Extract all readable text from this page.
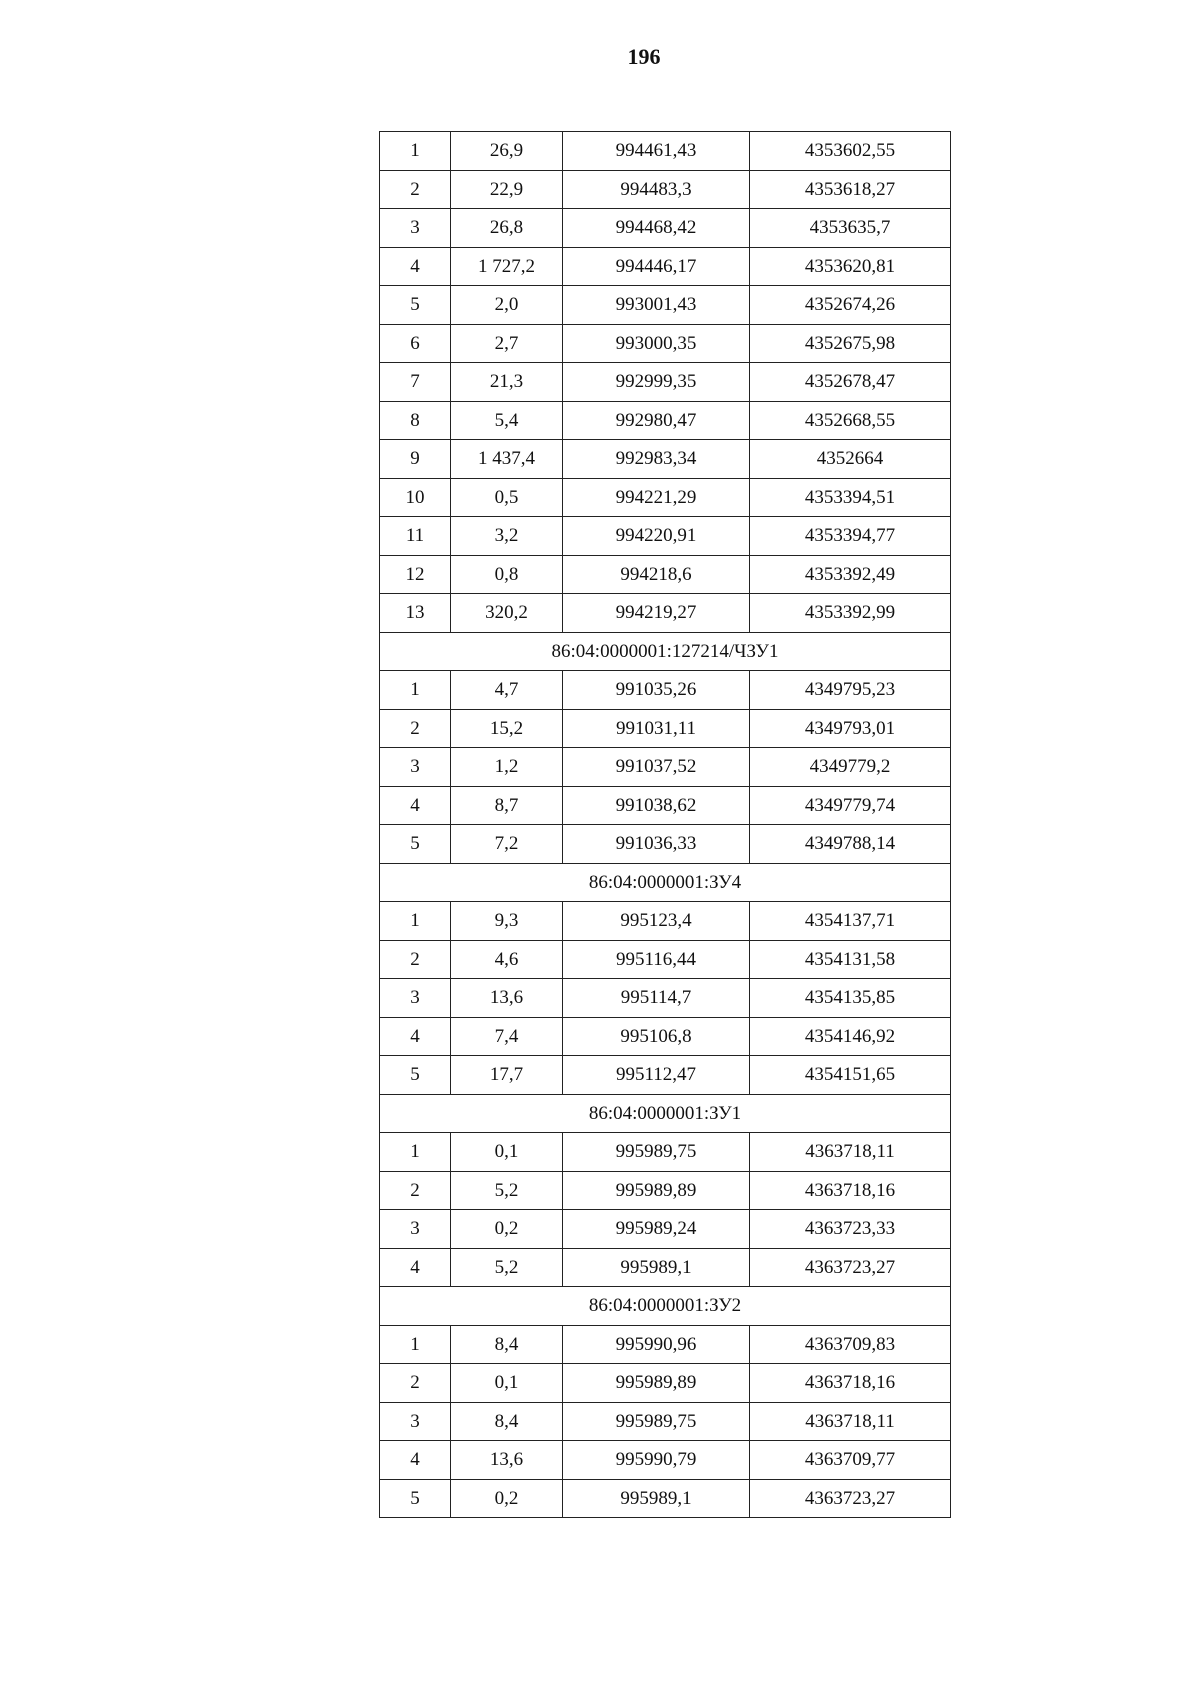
196
1	26,9	994461,43	4353602,55
2	22,9	994483,3	4353618,27
3	26,8	994468,42	4353635,7
4	1 727,2	994446,17	4353620,81
5	2,0	993001,43	4352674,26
6	2,7	993000,35	4352675,98
7	21,3	992999,35	4352678,47
8	5,4	992980,47	4352668,55
9	1 437,4	992983,34	4352664
10	0,5	994221,29	4353394,51
11	3,2	994220,91	4353394,77
12	0,8	994218,6	4353392,49
13	320,2	994219,27	4353392,99
86:04:0000001:127214/ЧЗУ1			
1	4,7	991035,26	4349795,23
2	15,2	991031,11	4349793,01
3	1,2	991037,52	4349779,2
4	8,7	991038,62	4349779,74
5	7,2	991036,33	4349788,14
86:04:0000001:ЗУ4			
1	9,3	995123,4	4354137,71
2	4,6	995116,44	4354131,58
3	13,6	995114,7	4354135,85
4	7,4	995106,8	4354146,92
5	17,7	995112,47	4354151,65
86:04:0000001:ЗУ1			
1	0,1	995989,75	4363718,11
2	5,2	995989,89	4363718,16
3	0,2	995989,24	4363723,33
4	5,2	995989,1	4363723,27
86:04:0000001:ЗУ2			
1	8,4	995990,96	4363709,83
2	0,1	995989,89	4363718,16
3	8,4	995989,75	4363718,11
4	13,6	995990,79	4363709,77
5	0,2	995989,1	4363723,27
